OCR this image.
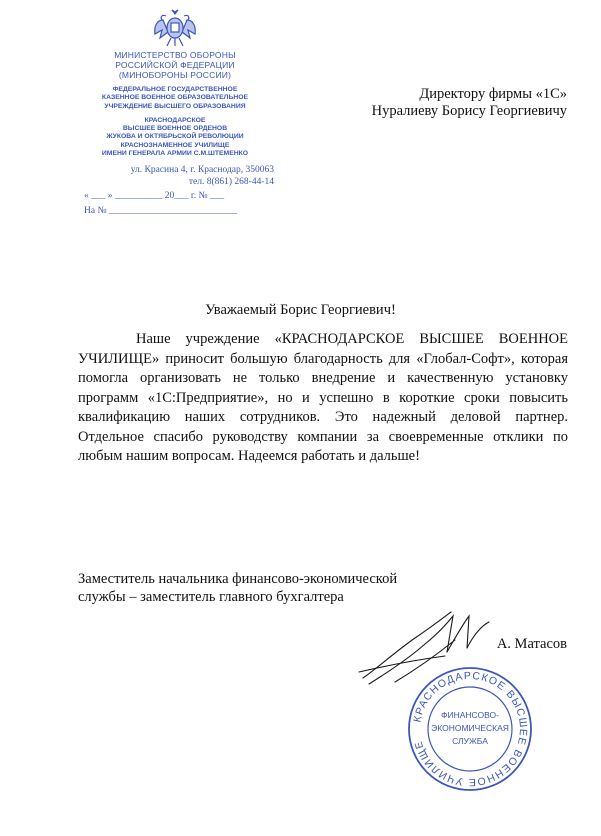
МИНИСТЕРСТВО ОБОРОНЫ
РОССИЙСКОЙ ФЕДЕРАЦИИ
(МИНОБОРОНЫ РОССИИ)
ФЕДЕРАЛЬНОЕ ГОСУДАРСТВЕННОЕ
КАЗЕННОЕ ВОЕННОЕ ОБРАЗОВАТЕЛЬНОЕ
УЧРЕЖДЕНИЕ ВЫСШЕГО ОБРАЗОВАНИЯ
КРАСНОДАРСКОЕ
ВЫСШЕЕ ВОЕННОЕ ОРДЕНОВ
ЖУКОВА И ОКТЯБРЬСКОЙ РЕВОЛЮЦИИ
КРАСНОЗНАМЕННОЕ УЧИЛИЩЕ
ИМЕНИ ГЕНЕРАЛА АРМИИ С.М.ШТЕМЕНКО
ул. Красина 4, г. Краснодар, 350063
тел. 8(861) 268-44-14
« ___ » __________ 20___ г. № ___
На № ___________________________
Директору фирмы «1С»
Нуралиеву Борису Георгиевичу
Уважаемый Борис Георгиевич!
Наше учреждение «КРАСНОДАРСКОЕ ВЫСШЕЕ ВОЕННОЕ УЧИЛИЩЕ» приносит большую благодарность для «Глобал-Софт», которая помогла организовать не только внедрение и качественную установку программ «1С:Предприятие», но и успешно в короткие сроки повысить квалификацию наших сотрудников. Это надежный деловой партнер. Отдельное спасибо руководству компании за своевременные отклики по любым нашим вопросам. Надеемся работать и дальше!
Заместитель начальника финансово-экономической
службы – заместитель главного бухгалтера
А. Матасов
КРАСНОДАРСКОЕ ВЫСШЕЕ ВОЕННОЕ УЧИЛИЩЕ
ФИНАНСОВО-
ЭКОНОМИЧЕСКАЯ
СЛУЖБА
